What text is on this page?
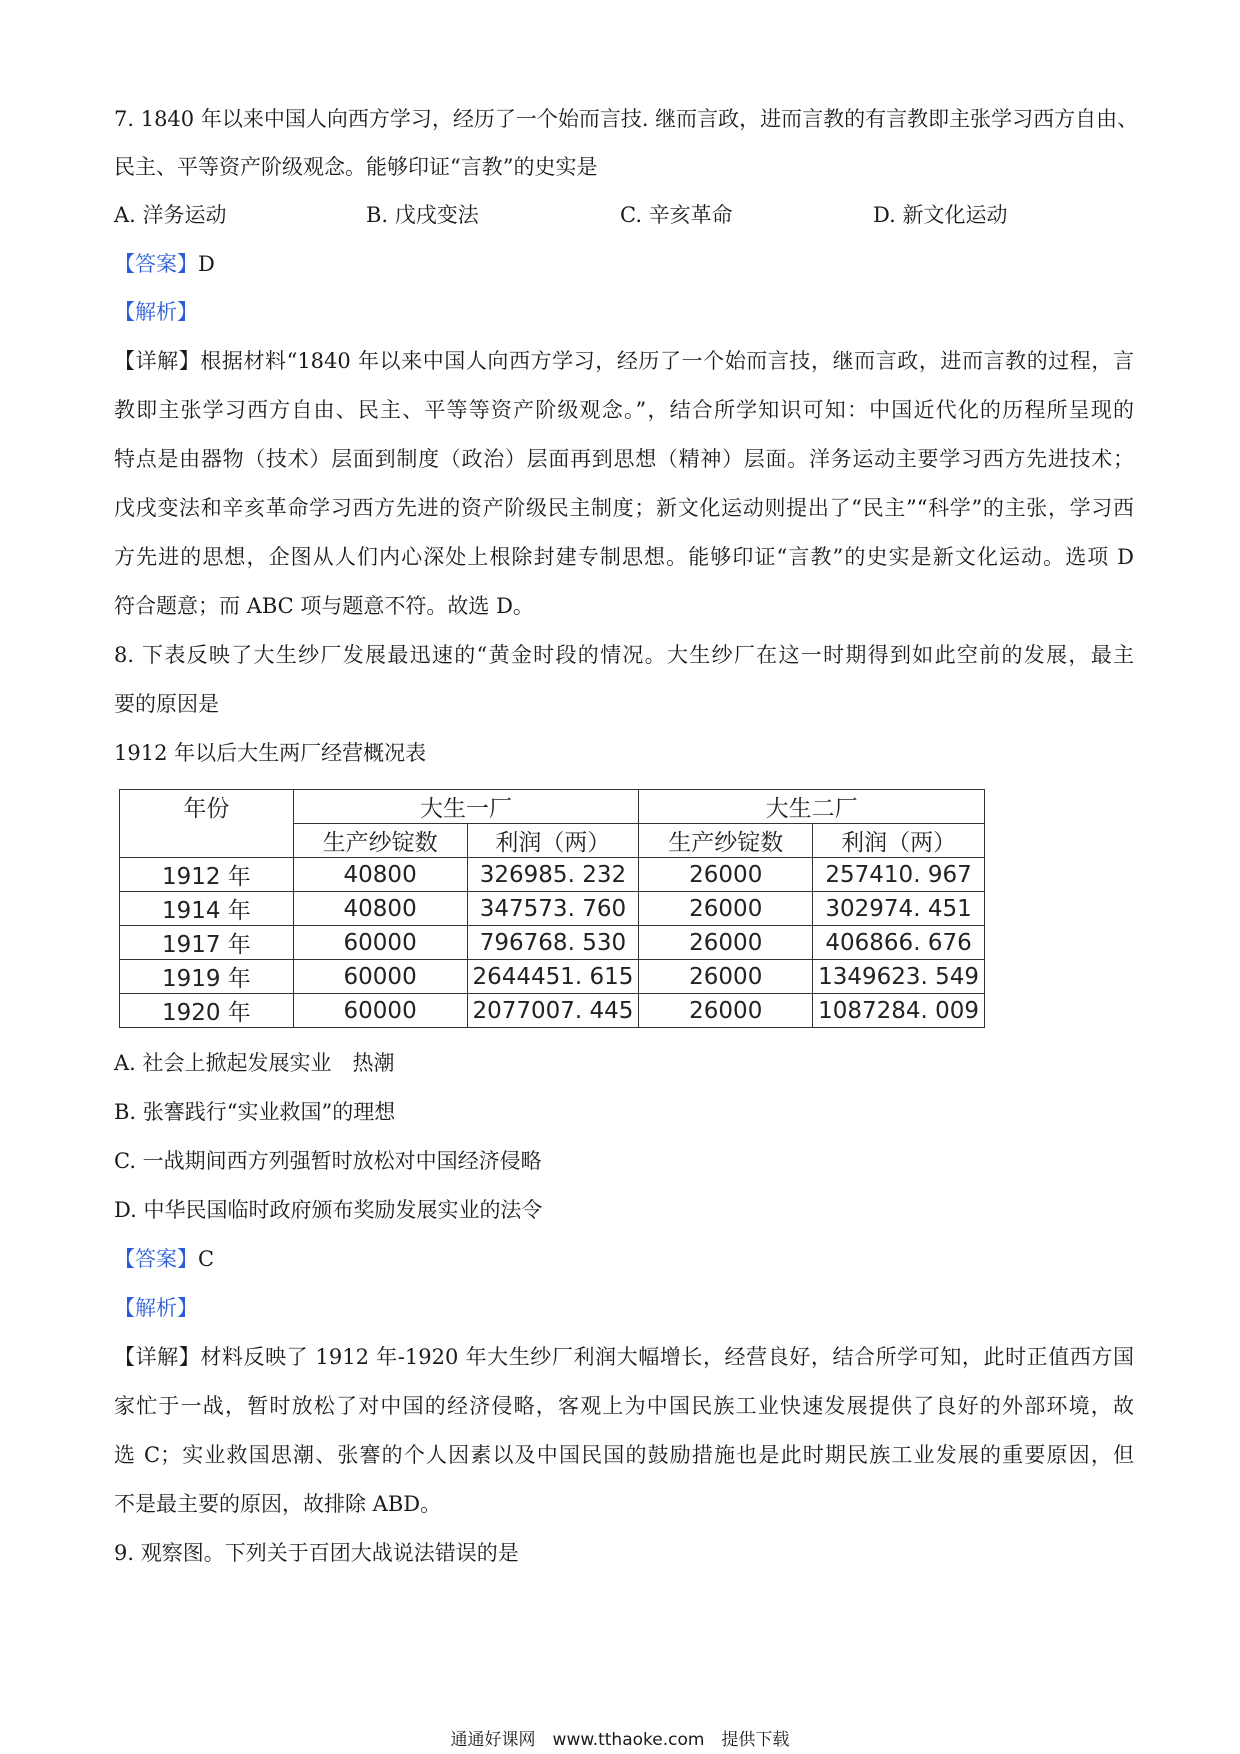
7. 1840 年以来中国人向西方学习，经历了一个始而言技. 继而言政，进而言教的有言教即主张学习西方自由、
民主、平等资产阶级观念。能够印证“言教”的史实是
A. 洋务运动	B. 戊戌变法	C. 辛亥革命	D. 新文化运动
【答案】D
【解析】
【详解】根据材料“1840 年以来中国人向西方学习，经历了一个始而言技，继而言政，进而言教的过程，言
教即主张学习西方自由、民主、平等等资产阶级观念。”，结合所学知识可知：中国近代化的历程所呈现的
特点是由器物（技术）层面到制度（政治）层面再到思想（精神）层面。洋务运动主要学习西方先进技术；
戊戌变法和辛亥革命学习西方先进的资产阶级民主制度；新文化运动则提出了“民主”“科学”的主张，学习西
方先进的思想，企图从人们内心深处上根除封建专制思想。能够印证“言教”的史实是新文化运动。选项 D
符合题意；而 ABC 项与题意不符。故选 D。
8. 下表反映了大生纱厂发展最迅速的“黄金时段的情况。大生纱厂在这一时期得到如此空前的发展，最主
要的原因是
1912 年以后大生两厂经营概况表
年份	大生一厂		大生二厂	
	生产纱锭数	利润（两）	生产纱锭数	利润（两）
1912 年	40800	326985. 232	26000	257410. 967
1914 年	40800	347573. 760	26000	302974. 451
1917 年	60000	796768. 530	26000	406866. 676
1919 年	60000	2644451. 615	26000	1349623. 549
1920 年	60000	2077007. 445	26000	1087284. 009
A. 社会上掀起发展实业　热潮
B. 张謇践行“实业救国”的理想
C. 一战期间西方列强暂时放松对中国经济侵略
D. 中华民国临时政府颁布奖励发展实业的法令
【答案】C
【解析】
【详解】材料反映了 1912 年-1920 年大生纱厂利润大幅增长，经营良好，结合所学可知，此时正值西方国
家忙于一战，暂时放松了对中国的经济侵略，客观上为中国民族工业快速发展提供了良好的外部环境，故
选 C；实业救国思潮、张謇的个人因素以及中国民国的鼓励措施也是此时期民族工业发展的重要原因，但
不是最主要的原因，故排除 ABD。
9. 观察图。下列关于百团大战说法错误的是
通通好课网　www.tthaoke.com　提供下载
